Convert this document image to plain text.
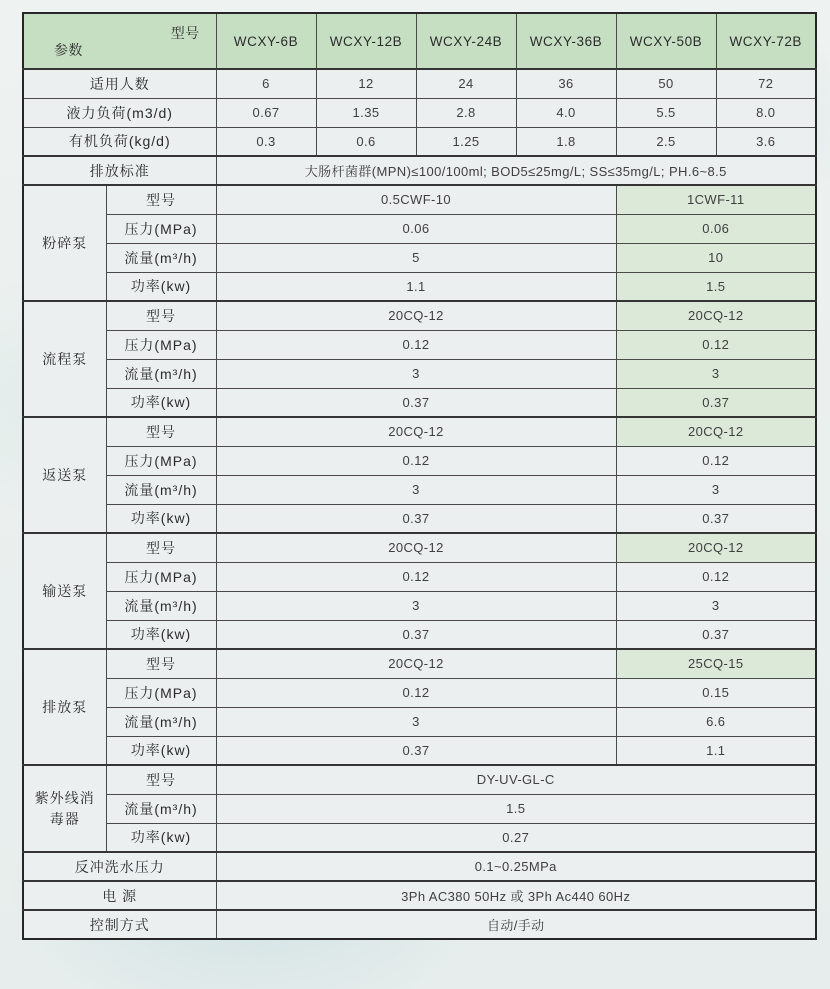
型号
参数		WCXY-6B	WCXY-12B	WCXY-24B	WCXY-36B	WCXY-50B	WCXY-72B
适用人数		6	12	24	36	50	72
液力负荷(m3/d)		0.67	1.35	2.8	4.0	5.5	8.0
有机负荷(kg/d)		0.3	0.6	1.25	1.8	2.5	3.6
排放标准		大肠杆菌群(MPN)≤100/100ml; BOD5≤25mg/L; SS≤35mg/L; PH.6~8.5					
粉碎泵	型号	0.5CWF-10				1CWF-11	
	压力(MPa)	0.06				0.06	
	流量(m³/h)	5				10	
	功率(kw)	1.1				1.5	
流程泵	型号	20CQ-12				20CQ-12	
	压力(MPa)	0.12				0.12	
	流量(m³/h)	3				3	
	功率(kw)	0.37				0.37	
返送泵	型号	20CQ-12				20CQ-12	
	压力(MPa)	0.12				0.12	
	流量(m³/h)	3				3	
	功率(kw)	0.37				0.37	
输送泵	型号	20CQ-12				20CQ-12	
	压力(MPa)	0.12				0.12	
	流量(m³/h)	3				3	
	功率(kw)	0.37				0.37	
排放泵	型号	20CQ-12				25CQ-15	
	压力(MPa)	0.12				0.15	
	流量(m³/h)	3				6.6	
	功率(kw)	0.37				1.1	
紫外线消毒器	型号	DY-UV-GL-C					
	流量(m³/h)	1.5					
	功率(kw)	0.27					
反冲洗水压力		0.1~0.25MPa					
电 源		3Ph AC380 50Hz 或 3Ph Ac440 60Hz					
控制方式		自动/手动					
